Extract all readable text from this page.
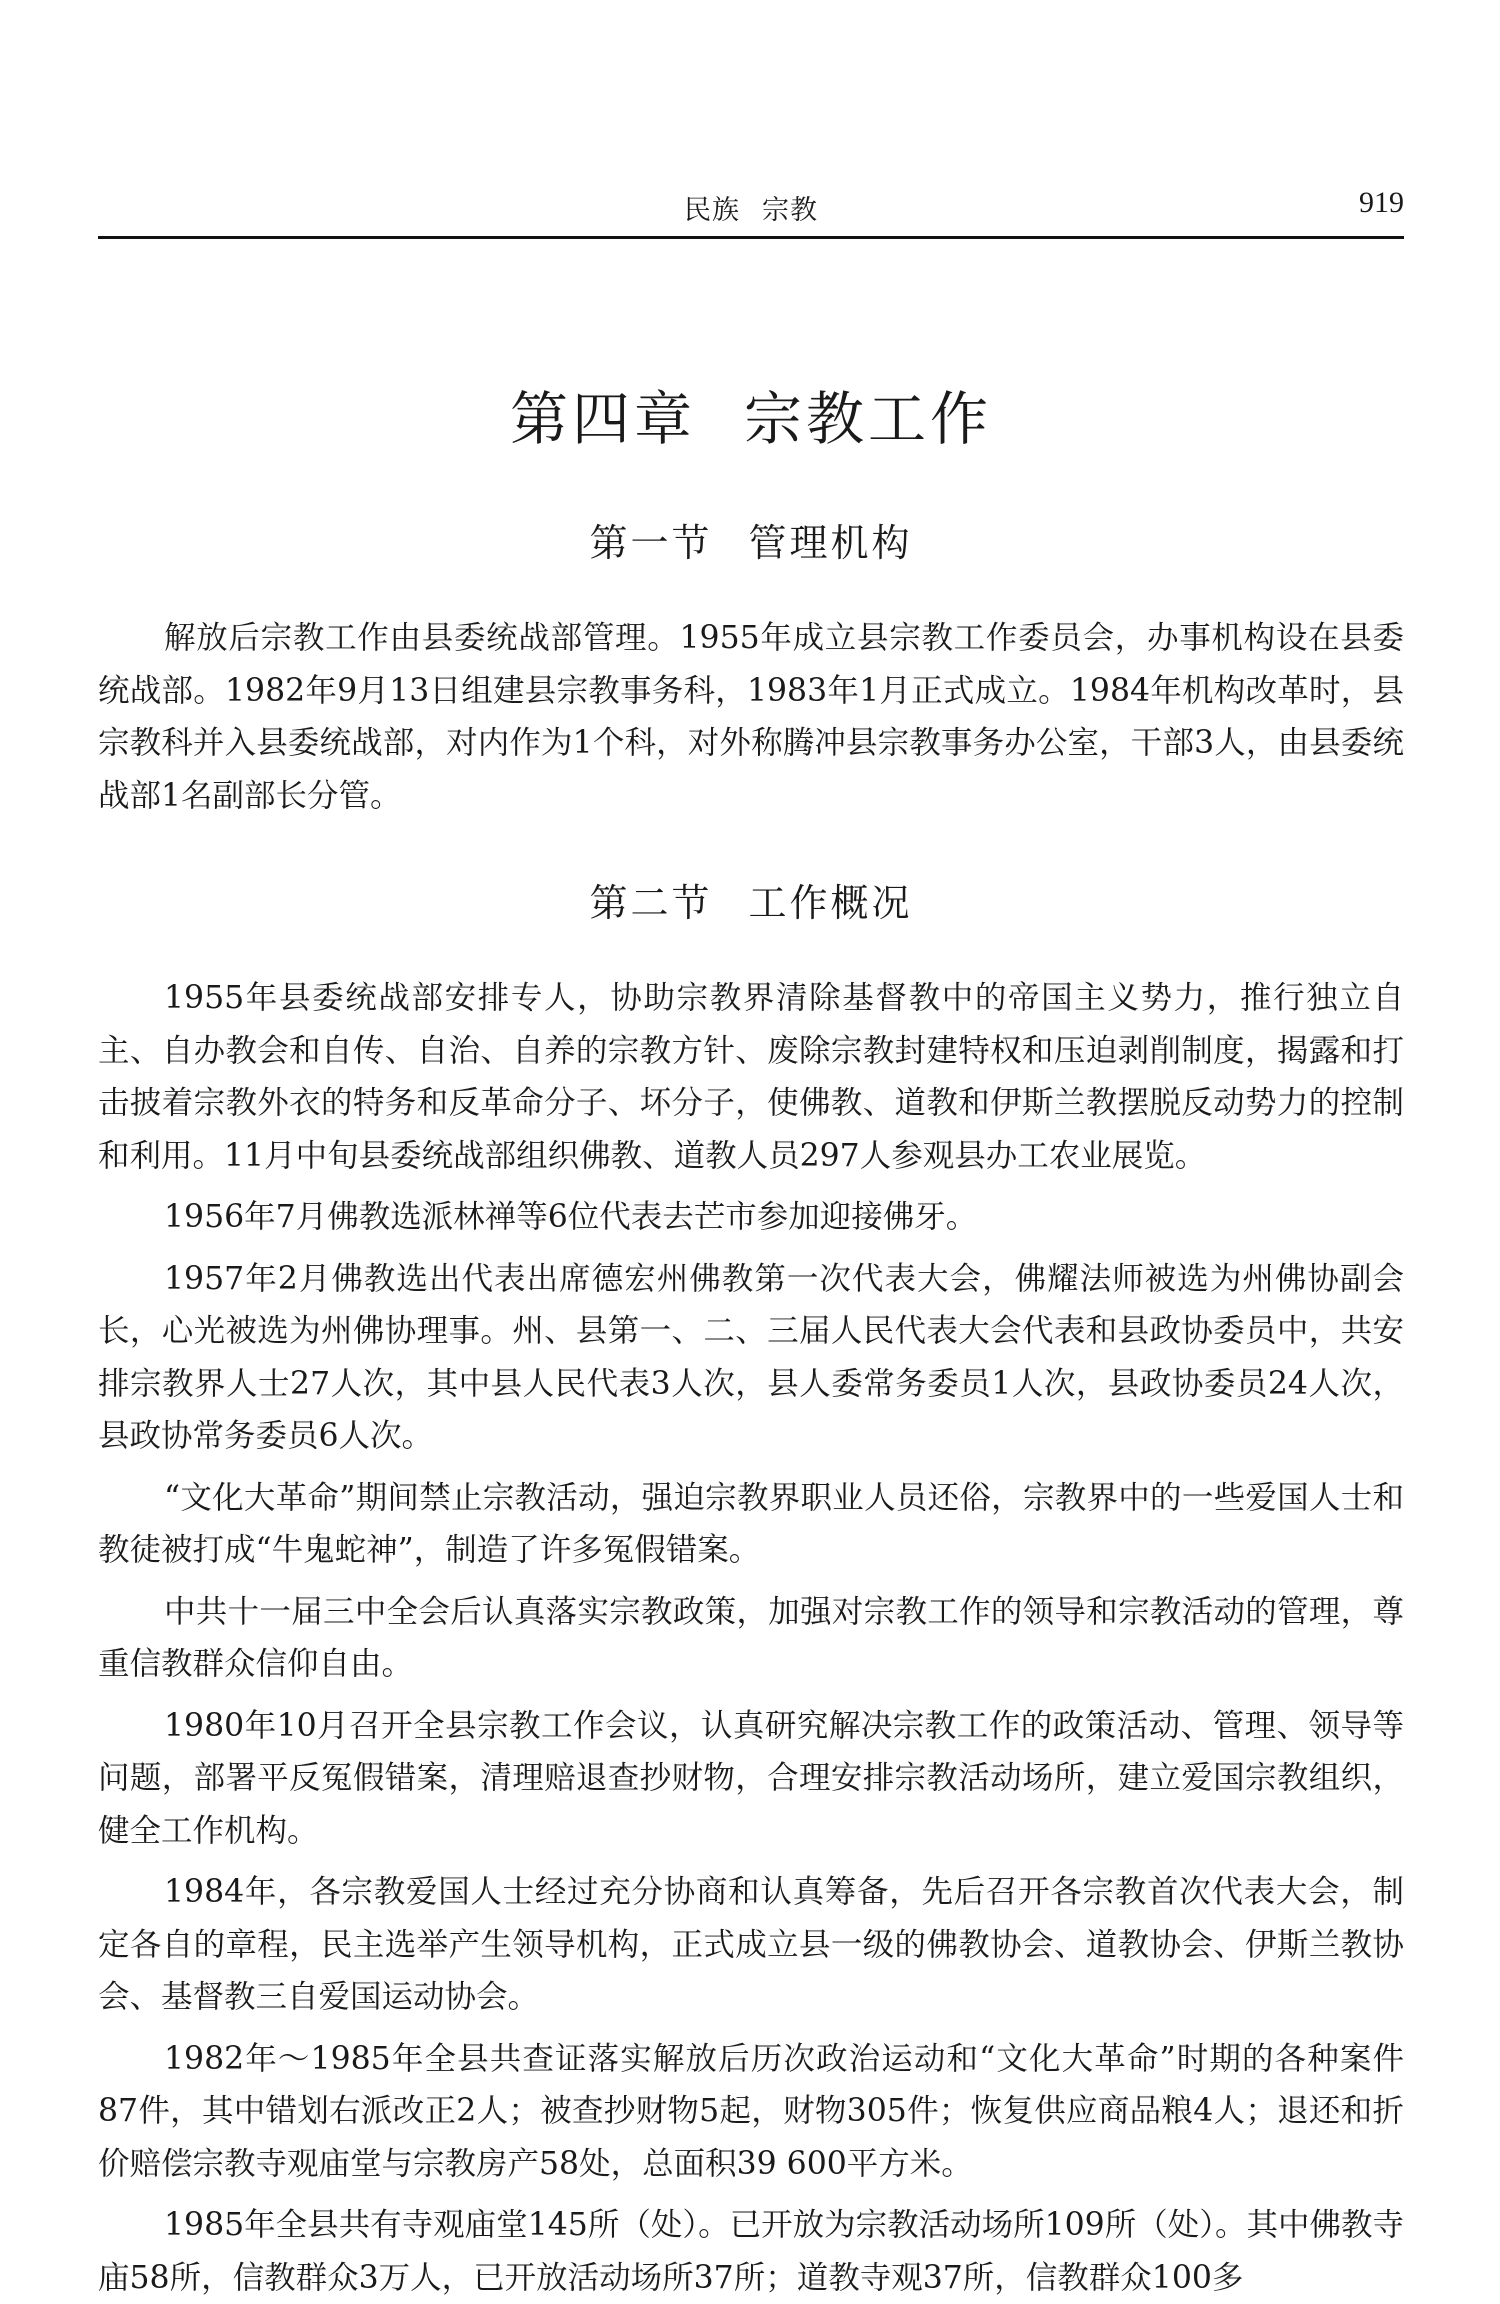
民族 宗教	919
第四章 宗教工作
第一节 管理机构

解放后宗教工作由县委统战部管理。1955年成立县宗教工作委员会，办事机构设在县委统战部。1982年9月13日组建县宗教事务科，1983年1月正式成立。1984年机构改革时，县宗教科并入县委统战部，对内作为1个科，对外称腾冲县宗教事务办公室，干部3人，由县委统战部1名副部长分管。

第二节 工作概况

1955年县委统战部安排专人，协助宗教界清除基督教中的帝国主义势力，推行独立自主、自办教会和自传、自治、自养的宗教方针、废除宗教封建特权和压迫剥削制度，揭露和打击披着宗教外衣的特务和反革命分子、坏分子，使佛教、道教和伊斯兰教摆脱反动势力的控制和利用。11月中旬县委统战部组织佛教、道教人员297人参观县办工农业展览。

1956年7月佛教选派林禅等6位代表去芒市参加迎接佛牙。

1957年2月佛教选出代表出席德宏州佛教第一次代表大会，佛耀法师被选为州佛协副会长，心光被选为州佛协理事。州、县第一、二、三届人民代表大会代表和县政协委员中，共安排宗教界人士27人次，其中县人民代表3人次，县人委常务委员1人次，县政协委员24人次，县政协常务委员6人次。

“文化大革命”期间禁止宗教活动，强迫宗教界职业人员还俗，宗教界中的一些爱国人士和教徒被打成“牛鬼蛇神”，制造了许多冤假错案。

中共十一届三中全会后认真落实宗教政策，加强对宗教工作的领导和宗教活动的管理，尊重信教群众信仰自由。

1980年10月召开全县宗教工作会议，认真研究解决宗教工作的政策活动、管理、领导等问题，部署平反冤假错案，清理赔退查抄财物，合理安排宗教活动场所，建立爱国宗教组织，健全工作机构。

1984年，各宗教爱国人士经过充分协商和认真筹备，先后召开各宗教首次代表大会，制定各自的章程，民主选举产生领导机构，正式成立县一级的佛教协会、道教协会、伊斯兰教协会、基督教三自爱国运动协会。

1982年～1985年全县共查证落实解放后历次政治运动和“文化大革命”时期的各种案件87件，其中错划右派改正2人；被查抄财物5起，财物305件；恢复供应商品粮4人；退还和折价赔偿宗教寺观庙堂与宗教房产58处，总面积39 600平方米。

1985年全县共有寺观庙堂145所（处）。已开放为宗教活动场所109所（处）。其中佛教寺庙58所，信教群众3万人，已开放活动场所37所；道教寺观37所，信教群众100多
